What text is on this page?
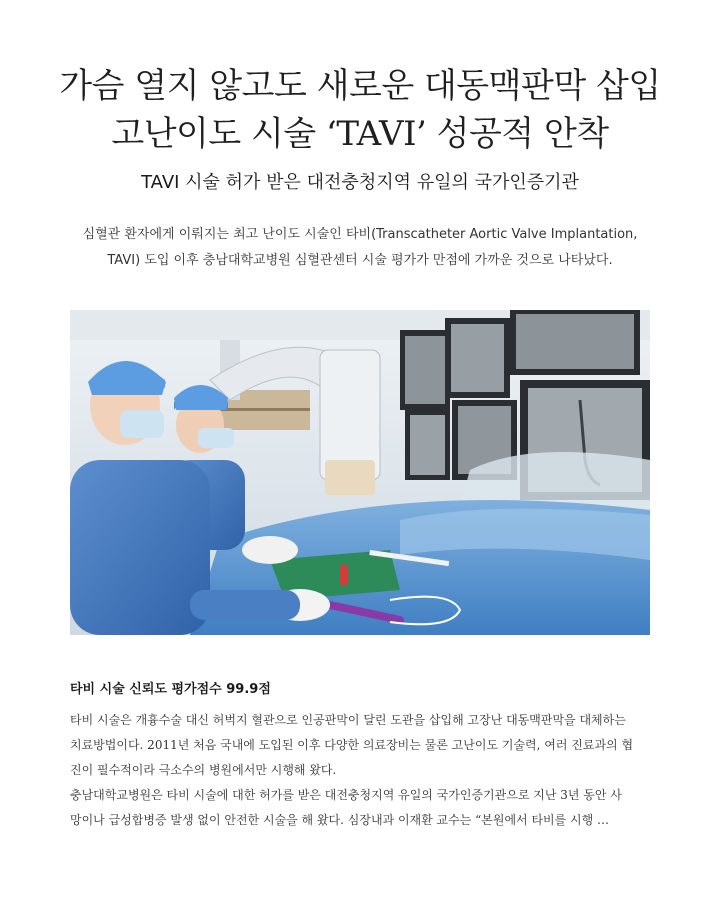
가슴 열지 않고도 새로운 대동맥판막 삽입
고난이도 시술 ‘TAVI’ 성공적 안착
TAVI 시술 허가 받은 대전충청지역 유일의 국가인증기관

심혈관 환자에게 이뤄지는 최고 난이도 시술인 타비(Transcatheter Aortic Valve Implantation,
TAVI) 도입 이후 충남대학교병원 심혈관센터 시술 평가가 만점에 가까운 것으로 나타났다.

타비 시술 신뢰도 평가점수 99.9점
타비 시술은 개흉수술 대신 허벅지 혈관으로 인공판막이 달린 도관을 삽입해 고장난 대동맥판막을 대체하는
치료방법이다. 2011년 처음 국내에 도입된 이후 다양한 의료장비는 물론 고난이도 기술력, 여러 진료과의 협
진이 필수적이라 극소수의 병원에서만 시행해 왔다.
충남대학교병원은 타비 시술에 대한 허가를 받은 대전충청지역 유일의 국가인증기관으로 지난 3년 동안 사
망이나 급성합병증 발생 없이 안전한 시술을 해 왔다. 심장내과 이재환 교수는 “본원에서 타비를 시행 …
